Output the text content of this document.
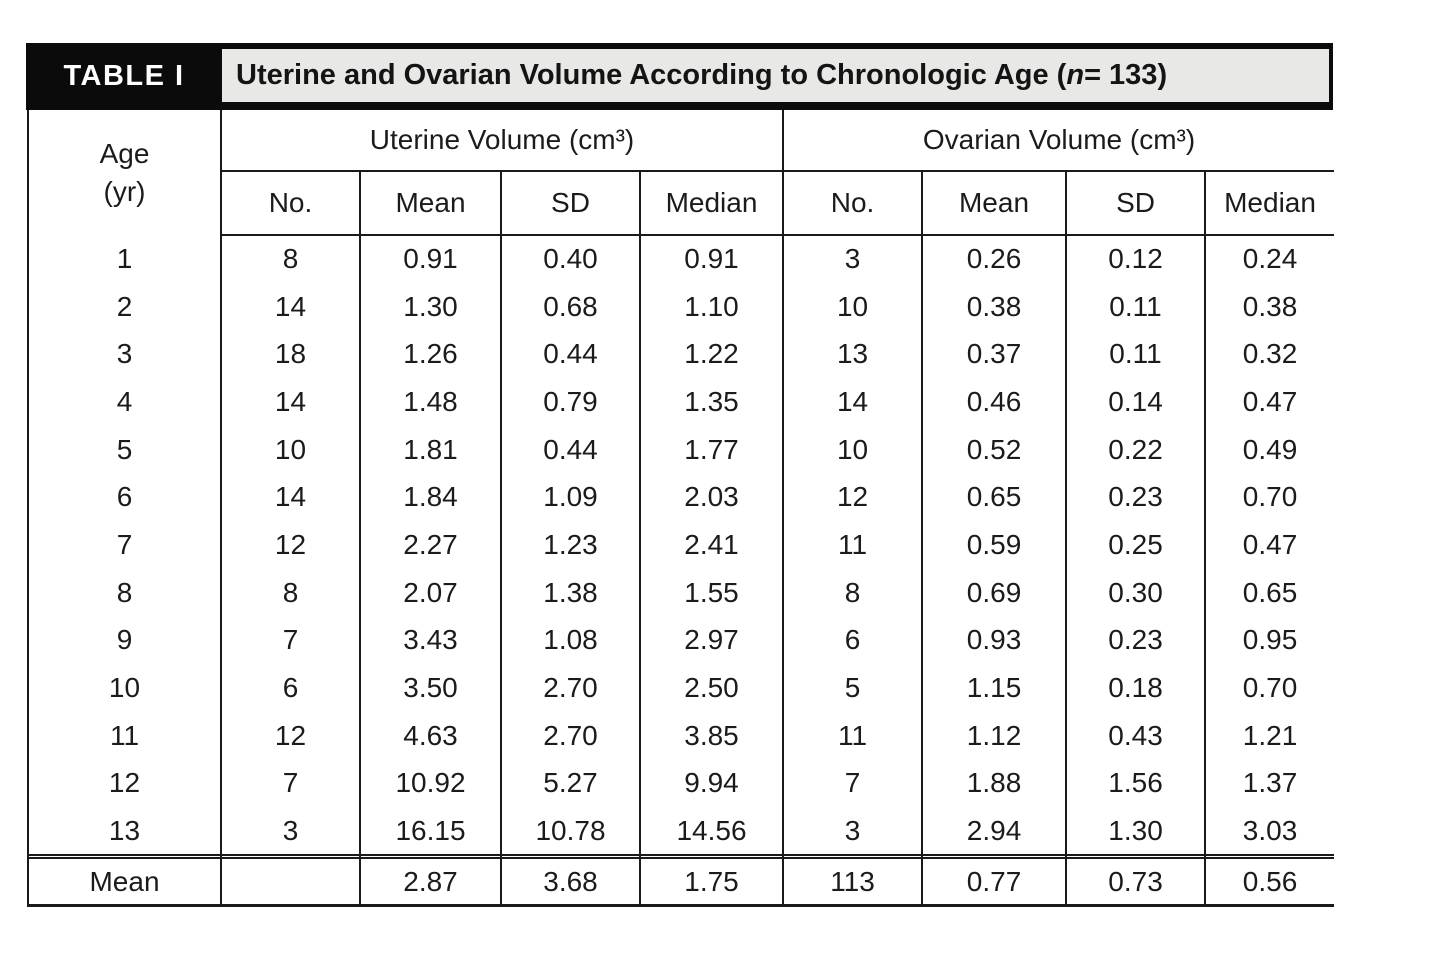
TABLE I	Uterine and Ovarian Volume According to Chronologic Age ( n = 133)
Age
(yr)	Uterine Volume (cm³)				Ovarian Volume (cm³)			
	No.	Mean	SD	Median	No.	Mean	SD	Median
1	8	0.91	0.40	0.91	3	0.26	0.12	0.24
2	14	1.30	0.68	1.10	10	0.38	0.11	0.38
3	18	1.26	0.44	1.22	13	0.37	0.11	0.32
4	14	1.48	0.79	1.35	14	0.46	0.14	0.47
5	10	1.81	0.44	1.77	10	0.52	0.22	0.49
6	14	1.84	1.09	2.03	12	0.65	0.23	0.70
7	12	2.27	1.23	2.41	11	0.59	0.25	0.47
8	8	2.07	1.38	1.55	8	0.69	0.30	0.65
9	7	3.43	1.08	2.97	6	0.93	0.23	0.95
10	6	3.50	2.70	2.50	5	1.15	0.18	0.70
11	12	4.63	2.70	3.85	11	1.12	0.43	1.21
12	7	10.92	5.27	9.94	7	1.88	1.56	1.37
13	3	16.15	10.78	14.56	3	2.94	1.30	3.03

Mean		2.87	3.68	1.75	113	0.77	0.73	0.56
